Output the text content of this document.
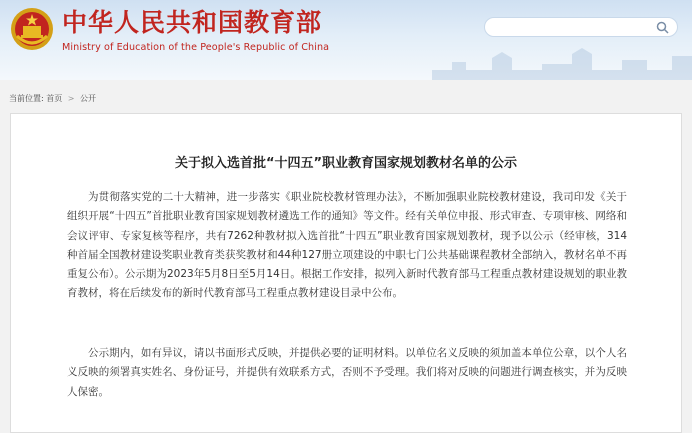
中华人民共和国教育部
Ministry of Education of the People's Republic of China
当前位置: 首页 > 公开
关于拟入选首批“十四五”职业教育国家规划教材名单的公示

为贯彻落实党的二十大精神，进一步落实《职业院校教材管理办法》，不断加强职业院校教材建设，我司印发《关于组织开展“十四五”首批职业教育国家规划教材遴选工作的通知》等文件。经有关单位申报、形式审查、专项审核、网络和会议评审、专家复核等程序，共有7262种教材拟入选首批“十四五”职业教育国家规划教材，现予以公示（经审核，314种首届全国教材建设奖职业教育类获奖教材和44种127册立项建设的中职七门公共基础课程教材全部纳入，教材名单不再重复公布）。公示期为2023年5月8日至5月14日。根据工作安排，拟列入新时代教育部马工程重点教材建设规划的职业教育教材，将在后续发布的新时代教育部马工程重点教材建设目录中公布。

公示期内，如有异议，请以书面形式反映，并提供必要的证明材料。以单位名义反映的须加盖本单位公章，以个人名义反映的须署真实姓名、身份证号，并提供有效联系方式，否则不予受理。我们将对反映的问题进行调查核实，并为反映人保密。
